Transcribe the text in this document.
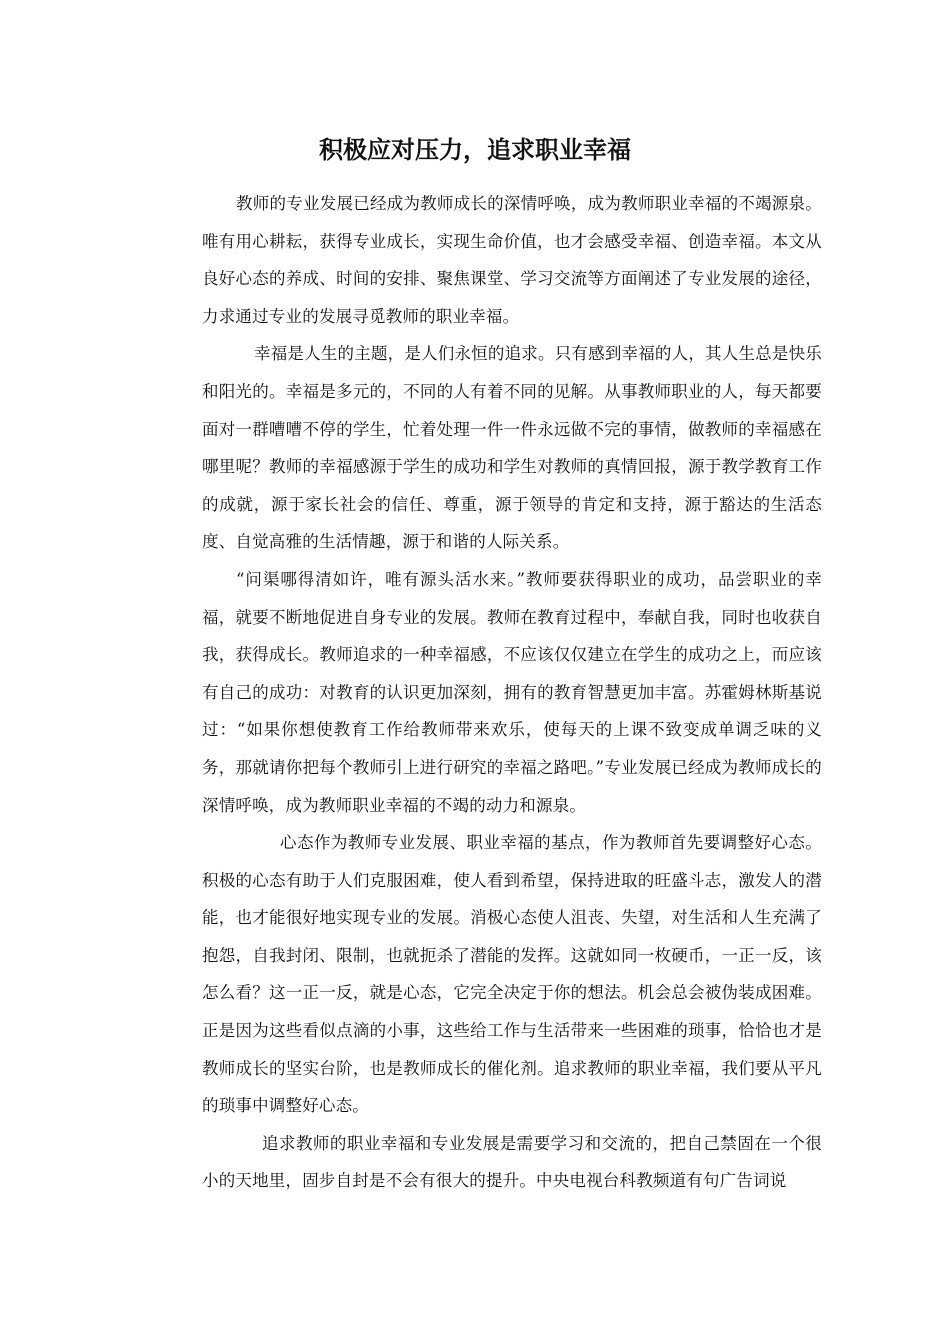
积极应对压力，追求职业幸福

教师的专业发展已经成为教师成长的深情呼唤，成为教师职业幸福的不竭源泉。唯有用心耕耘，获得专业成长，实现生命价值，也才会感受幸福、创造幸福。本文从良好心态的养成、时间的安排、聚焦课堂、学习交流等方面阐述了专业发展的途径，力求通过专业的发展寻觅教师的职业幸福。

幸福是人生的主题，是人们永恒的追求。只有感到幸福的人，其人生总是快乐和阳光的。幸福是多元的，不同的人有着不同的见解。从事教师职业的人，每天都要面对一群嘈嘈不停的学生，忙着处理一件一件永远做不完的事情，做教师的幸福感在哪里呢？教师的幸福感源于学生的成功和学生对教师的真情回报，源于教学教育工作的成就，源于家长社会的信任、尊重，源于领导的肯定和支持，源于豁达的生活态度、自觉高雅的生活情趣，源于和谐的人际关系。

“问渠哪得清如许，唯有源头活水来。”教师要获得职业的成功，品尝职业的幸福，就要不断地促进自身专业的发展。教师在教育过程中，奉献自我，同时也收获自我，获得成长。教师追求的一种幸福感，不应该仅仅建立在学生的成功之上，而应该有自己的成功：对教育的认识更加深刻，拥有的教育智慧更加丰富。苏霍姆林斯基说过：“如果你想使教育工作给教师带来欢乐，使每天的上课不致变成单调乏味的义务，那就请你把每个教师引上进行研究的幸福之路吧。”专业发展已经成为教师成长的深情呼唤，成为教师职业幸福的不竭的动力和源泉。

心态作为教师专业发展、职业幸福的基点，作为教师首先要调整好心态。积极的心态有助于人们克服困难，使人看到希望，保持进取的旺盛斗志，激发人的潜能，也才能很好地实现专业的发展。消极心态使人沮丧、失望，对生活和人生充满了抱怨，自我封闭、限制，也就扼杀了潜能的发挥。这就如同一枚硬币，一正一反，该怎么看？这一正一反，就是心态，它完全决定于你的想法。机会总会被伪装成困难。正是因为这些看似点滴的小事，这些给工作与生活带来一些困难的琐事，恰恰也才是教师成长的坚实台阶，也是教师成长的催化剂。追求教师的职业幸福，我们要从平凡的琐事中调整好心态。

追求教师的职业幸福和专业发展是需要学习和交流的，把自己禁固在一个很小的天地里，固步自封是不会有很大的提升。中央电视台科教频道有句广告词说
